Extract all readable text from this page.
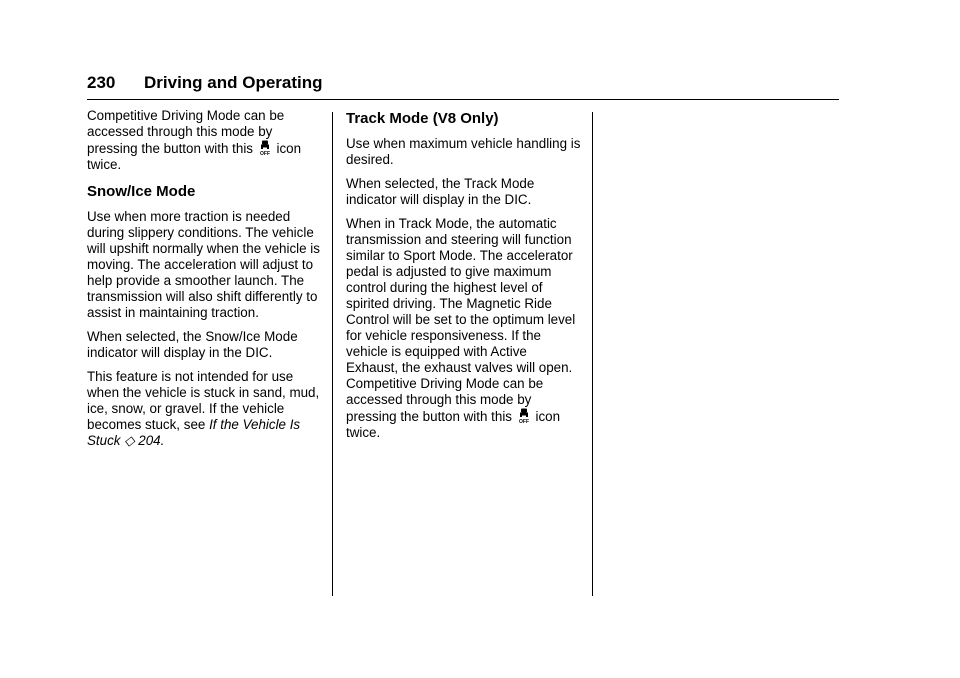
230 Driving and Operating

Competitive Driving Mode can be accessed through this mode by pressing the button with this OFF icon twice.

Snow/Ice Mode

Use when more traction is needed during slippery conditions. The vehicle will upshift normally when the vehicle is moving. The acceleration will adjust to help provide a smoother launch. The transmission will also shift differently to assist in maintaining traction.

When selected, the Snow/Ice Mode indicator will display in the DIC.

This feature is not intended for use when the vehicle is stuck in sand, mud, ice, snow, or gravel. If the vehicle becomes stuck, see If the Vehicle Is Stuck ◇ 204.

Track Mode (V8 Only)

Use when maximum vehicle handling is desired.

When selected, the Track Mode indicator will display in the DIC.

When in Track Mode, the automatic transmission and steering will function similar to Sport Mode. The accelerator pedal is adjusted to give maximum control during the highest level of spirited driving. The Magnetic Ride Control will be set to the optimum level for vehicle responsiveness. If the vehicle is equipped with Active Exhaust, the exhaust valves will open. Competitive Driving Mode can be accessed through this mode by pressing the button with this OFF icon twice.
